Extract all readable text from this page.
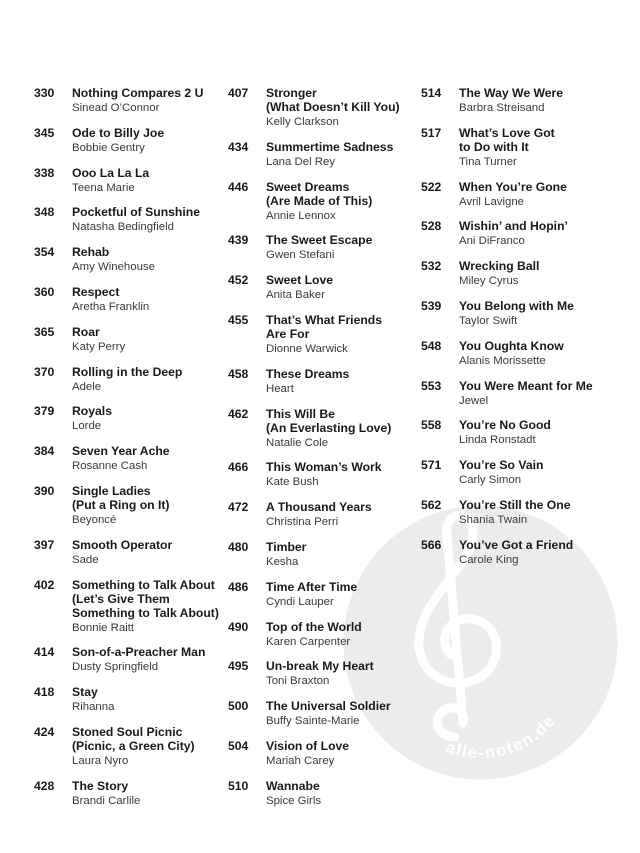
alle-noten.de
330	Nothing Compares 2 U
Sinead O’Connor
345	Ode to Billy Joe
Bobbie Gentry
338	Ooo La La La
Teena Marie
348	Pocketful of Sunshine
Natasha Bedingfield
354	Rehab
Amy Winehouse
360	Respect
Aretha Franklin
365	Roar
Katy Perry
370	Rolling in the Deep
Adele
379	Royals
Lorde
384	Seven Year Ache
Rosanne Cash
390	Single Ladies
(Put a Ring on It)
Beyoncé
397	Smooth Operator
Sade
402	Something to Talk About
(Let’s Give Them
Something to Talk About)
Bonnie Raitt
414	Son-of-a-Preacher Man
Dusty Springfield
418	Stay
Rihanna
424	Stoned Soul Picnic
(Picnic, a Green City)
Laura Nyro
428	The Story
Brandi Carlile
407	Stronger
(What Doesn’t Kill You)
Kelly Clarkson
434	Summertime Sadness
Lana Del Rey
446	Sweet Dreams
(Are Made of This)
Annie Lennox
439	The Sweet Escape
Gwen Stefani
452	Sweet Love
Anita Baker
455	That’s What Friends
Are For
Dionne Warwick
458	These Dreams
Heart
462	This Will Be
(An Everlasting Love)
Natalie Cole
466	This Woman’s Work
Kate Bush
472	A Thousand Years
Christina Perri
480	Timber
Kesha
486	Time After Time
Cyndi Lauper
490	Top of the World
Karen Carpenter
495	Un-break My Heart
Toni Braxton
500	The Universal Soldier
Buffy Sainte-Marie
504	Vision of Love
Mariah Carey
510	Wannabe
Spice Girls
514	The Way We Were
Barbra Streisand
517	What’s Love Got
to Do with It
Tina Turner
522	When You’re Gone
Avril Lavigne
528	Wishin’ and Hopin’
Ani DiFranco
532	Wrecking Ball
Miley Cyrus
539	You Belong with Me
Taylor Swift
548	You Oughta Know
Alanis Morissette
553	You Were Meant for Me
Jewel
558	You’re No Good
Linda Ronstadt
571	You’re So Vain
Carly Simon
562	You’re Still the One
Shania Twain
566	You’ve Got a Friend
Carole King
